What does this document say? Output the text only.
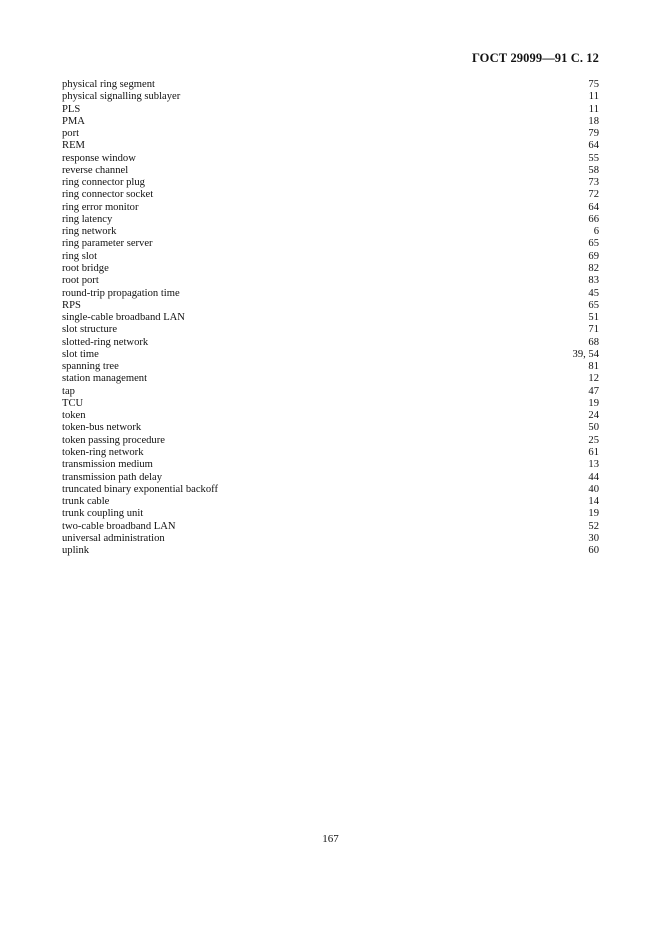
ГОСТ 29099—91 С. 12
physical ring segment	75
physical signalling sublayer	11
PLS	11
PMA	18
port	79
REM	64
response window	55
reverse channel	58
ring connector plug	73
ring connector socket	72
ring error monitor	64
ring latency	66
ring network	6
ring parameter server	65
ring slot	69
root bridge	82
root port	83
round-trip propagation time	45
RPS	65
single-cable broadband LAN	51
slot structure	71
slotted-ring network	68
slot time	39, 54
spanning tree	81
station management	12
tap	47
TCU	19
token	24
token-bus network	50
token passing procedure	25
token-ring network	61
transmission medium	13
transmission path delay	44
truncated binary exponential backoff	40
trunk cable	14
trunk coupling unit	19
two-cable broadband LAN	52
universal administration	30
uplink	60
167
